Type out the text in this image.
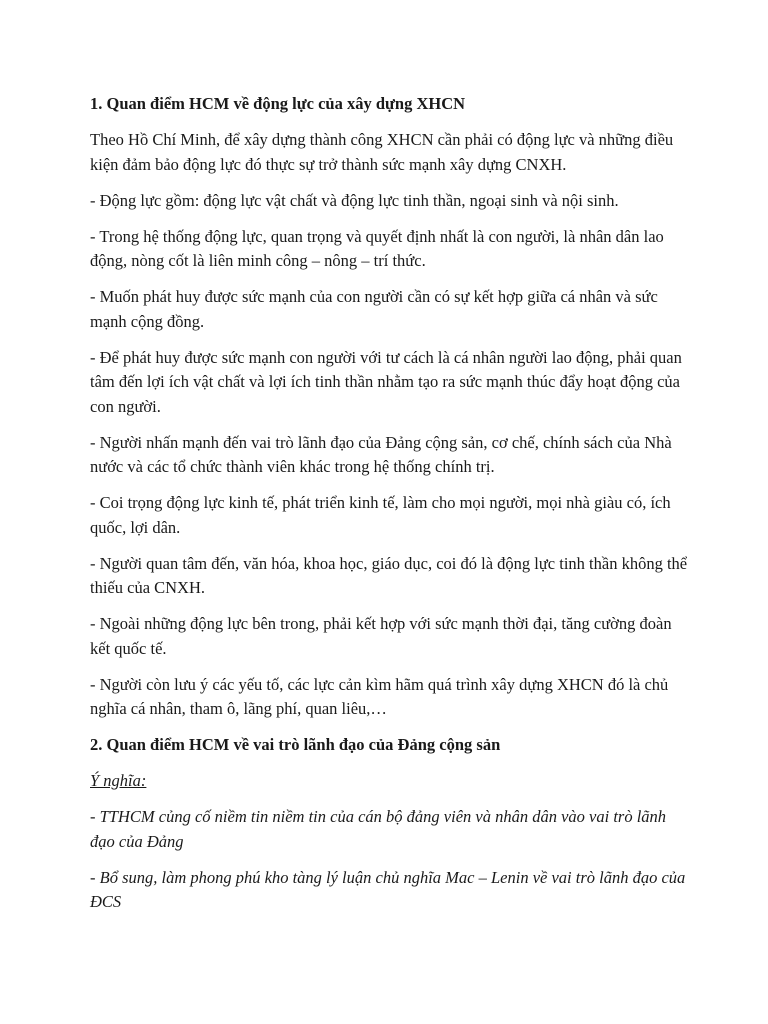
1. Quan điểm HCM về động lực của xây dựng XHCN

Theo Hồ Chí Minh, để xây dựng thành công XHCN cần phải có động lực và những điều kiện đảm bảo động lực đó thực sự trở thành sức mạnh xây dựng CNXH.

- Động lực gồm: động lực vật chất và động lực tinh thần, ngoại sinh và nội sinh.

- Trong hệ thống động lực, quan trọng và quyết định nhất là con người, là nhân dân lao động, nòng cốt là liên minh công – nông – trí thức.

- Muốn phát huy được sức mạnh của con người cần có sự kết hợp giữa cá nhân và sức mạnh cộng đồng.

- Để phát huy được sức mạnh con người với tư cách là cá nhân người lao động, phải quan tâm đến lợi ích vật chất và lợi ích tinh thần nhằm tạo ra sức mạnh thúc đẩy hoạt động của con người.

- Người nhấn mạnh đến vai trò lãnh đạo của Đảng cộng sản, cơ chế, chính sách của Nhà nước và các tổ chức thành viên khác trong hệ thống chính trị.

- Coi trọng động lực kinh tế, phát triển kinh tế, làm cho mọi người, mọi nhà giàu có, ích quốc, lợi dân.

- Người quan tâm đến, văn hóa, khoa học, giáo dục, coi đó là động lực tinh thần không thể thiếu của CNXH.

- Ngoài những động lực bên trong, phải kết hợp với sức mạnh thời đại, tăng cường đoàn kết quốc tế.

- Người còn lưu ý các yếu tố, các lực cản kìm hãm quá trình xây dựng XHCN đó là chủ nghĩa cá nhân, tham ô, lãng phí, quan liêu,…

2. Quan điểm HCM về vai trò lãnh đạo của Đảng cộng sản

Ý nghĩa:

- TTHCM củng cố niềm tin niềm tin của cán bộ đảng viên và nhân dân vào vai trò lãnh đạo của Đảng

- Bổ sung, làm phong phú kho tàng lý luận chủ nghĩa Mac – Lenin về vai trò lãnh đạo của ĐCS
